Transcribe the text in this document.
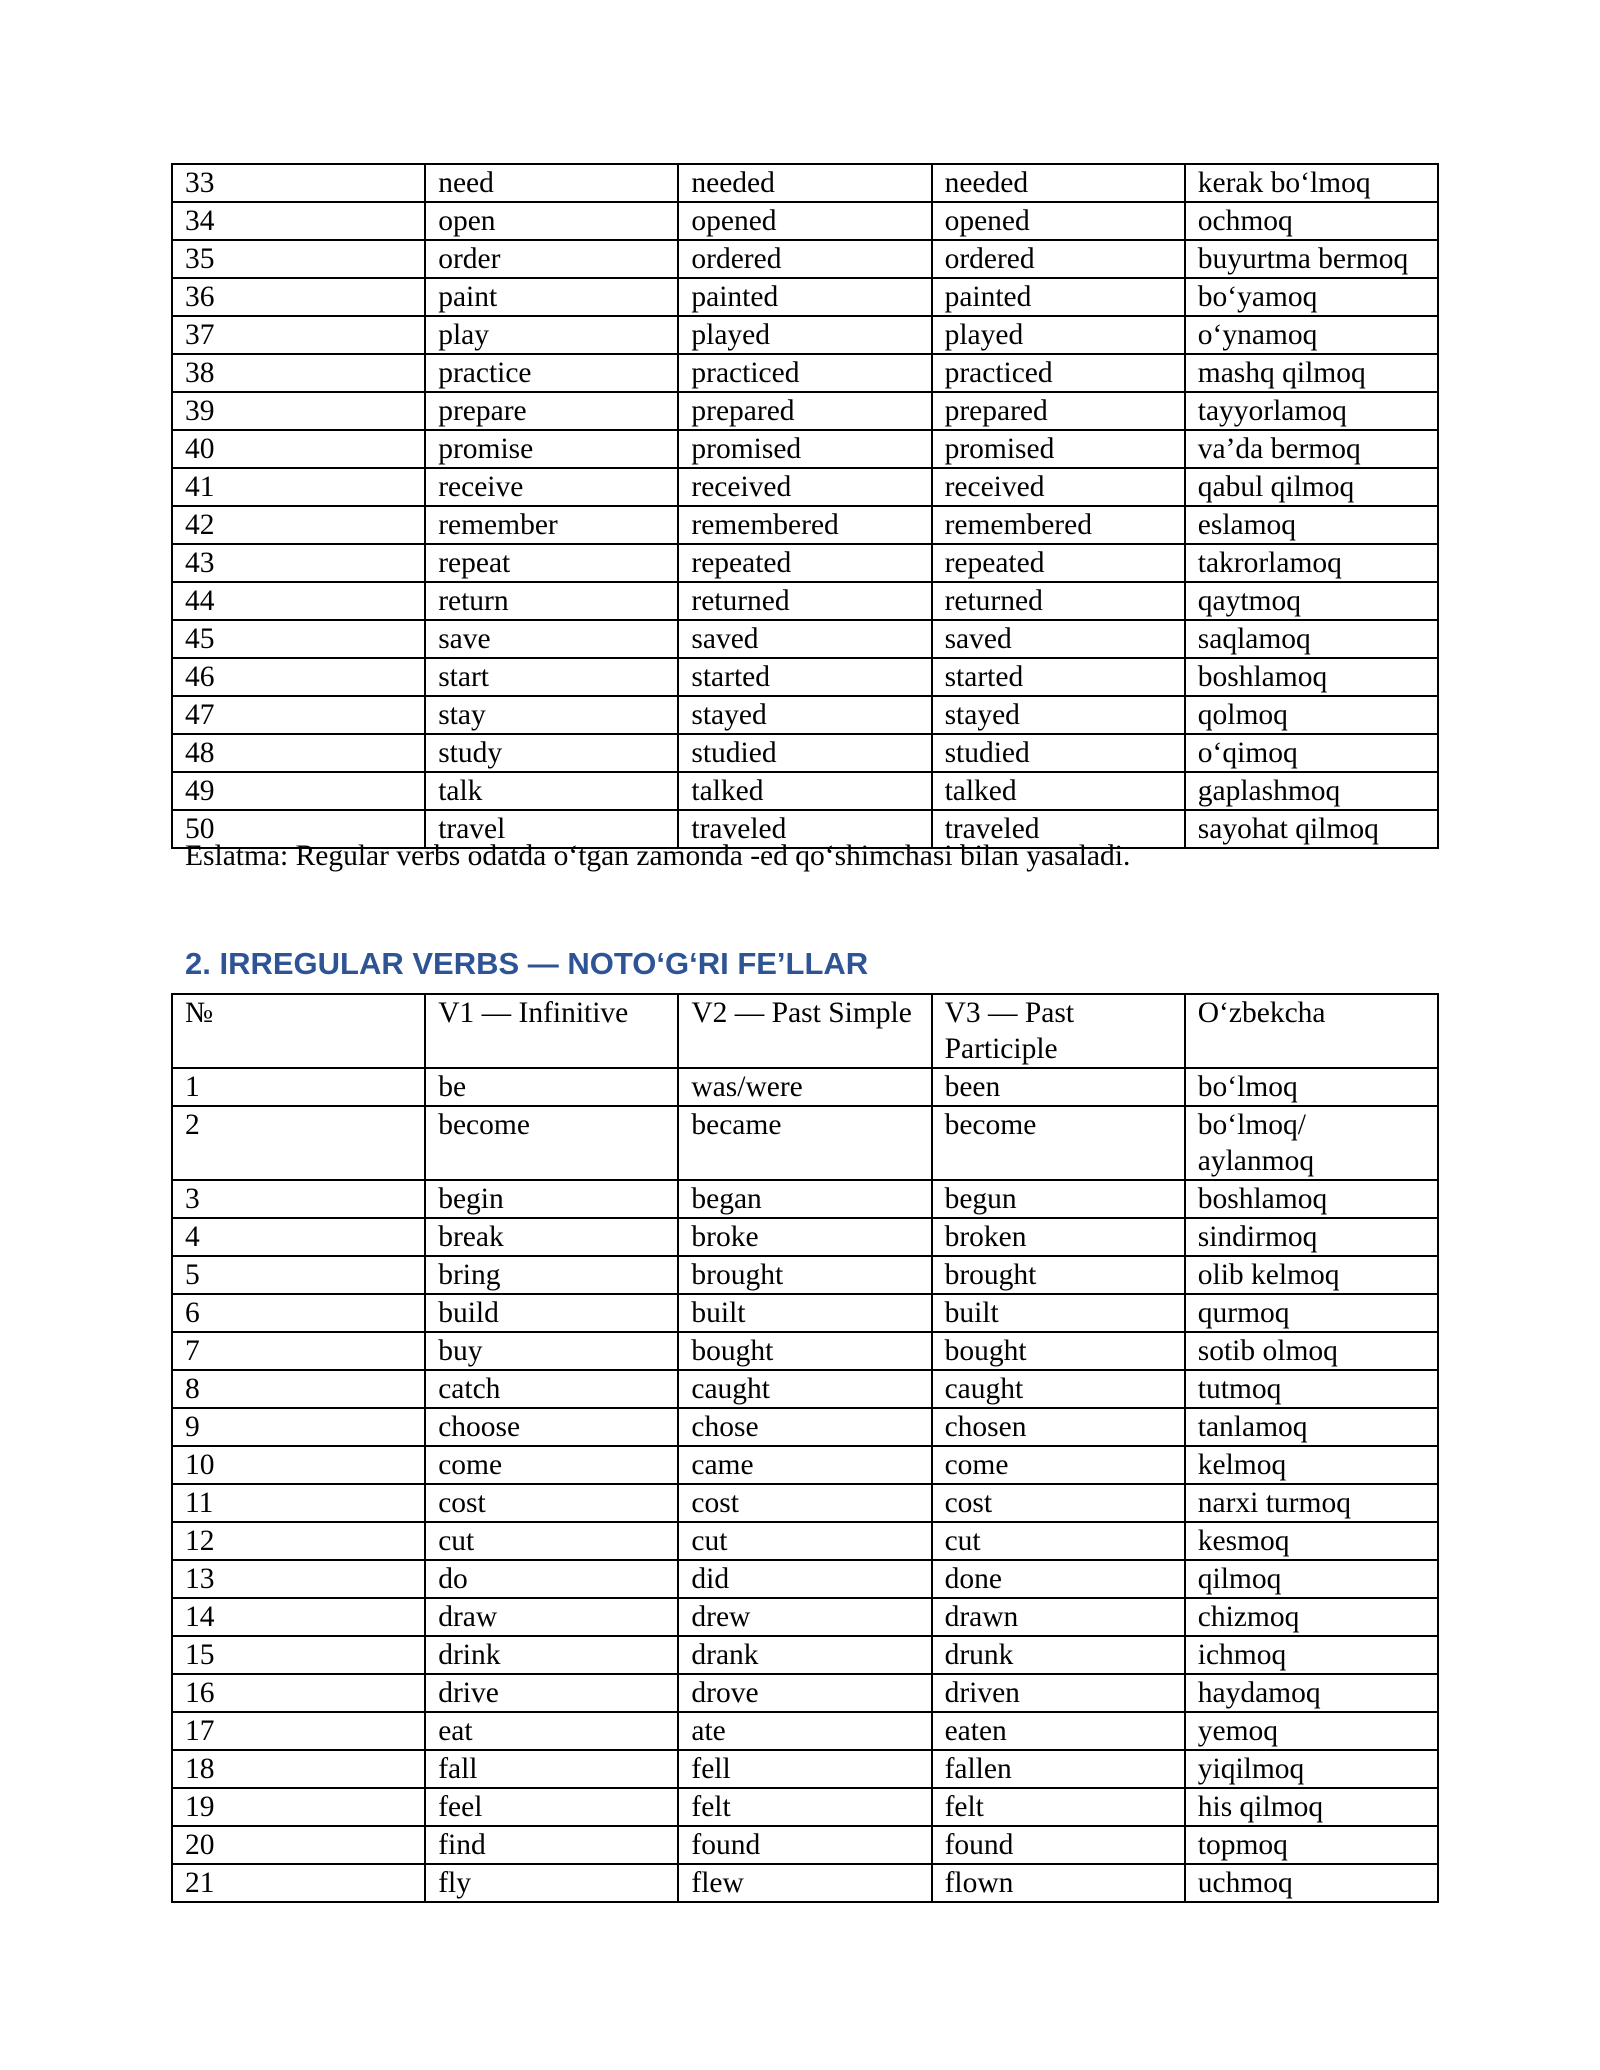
33	need	needed	needed	kerak bo‘lmoq
34	open	opened	opened	ochmoq
35	order	ordered	ordered	buyurtma bermoq
36	paint	painted	painted	bo‘yamoq
37	play	played	played	o‘ynamoq
38	practice	practiced	practiced	mashq qilmoq
39	prepare	prepared	prepared	tayyorlamoq
40	promise	promised	promised	va’da bermoq
41	receive	received	received	qabul qilmoq
42	remember	remembered	remembered	eslamoq
43	repeat	repeated	repeated	takrorlamoq
44	return	returned	returned	qaytmoq
45	save	saved	saved	saqlamoq
46	start	started	started	boshlamoq
47	stay	stayed	stayed	qolmoq
48	study	studied	studied	o‘qimoq
49	talk	talked	talked	gaplashmoq
50	travel	traveled	traveled	sayohat qilmoq
Eslatma: Regular verbs odatda o‘tgan zamonda -ed qo‘shimchasi bilan yasaladi.
2. IRREGULAR VERBS — NOTO‘G‘RI FE’LLAR
№	V1 — Infinitive	V2 — Past Simple	V3 — Past Participle	O‘zbekcha
1	be	was/were	been	bo‘lmoq
2	become	became	become	bo‘lmoq/ aylanmoq
3	begin	began	begun	boshlamoq
4	break	broke	broken	sindirmoq
5	bring	brought	brought	olib kelmoq
6	build	built	built	qurmoq
7	buy	bought	bought	sotib olmoq
8	catch	caught	caught	tutmoq
9	choose	chose	chosen	tanlamoq
10	come	came	come	kelmoq
11	cost	cost	cost	narxi turmoq
12	cut	cut	cut	kesmoq
13	do	did	done	qilmoq
14	draw	drew	drawn	chizmoq
15	drink	drank	drunk	ichmoq
16	drive	drove	driven	haydamoq
17	eat	ate	eaten	yemoq
18	fall	fell	fallen	yiqilmoq
19	feel	felt	felt	his qilmoq
20	find	found	found	topmoq
21	fly	flew	flown	uchmoq
